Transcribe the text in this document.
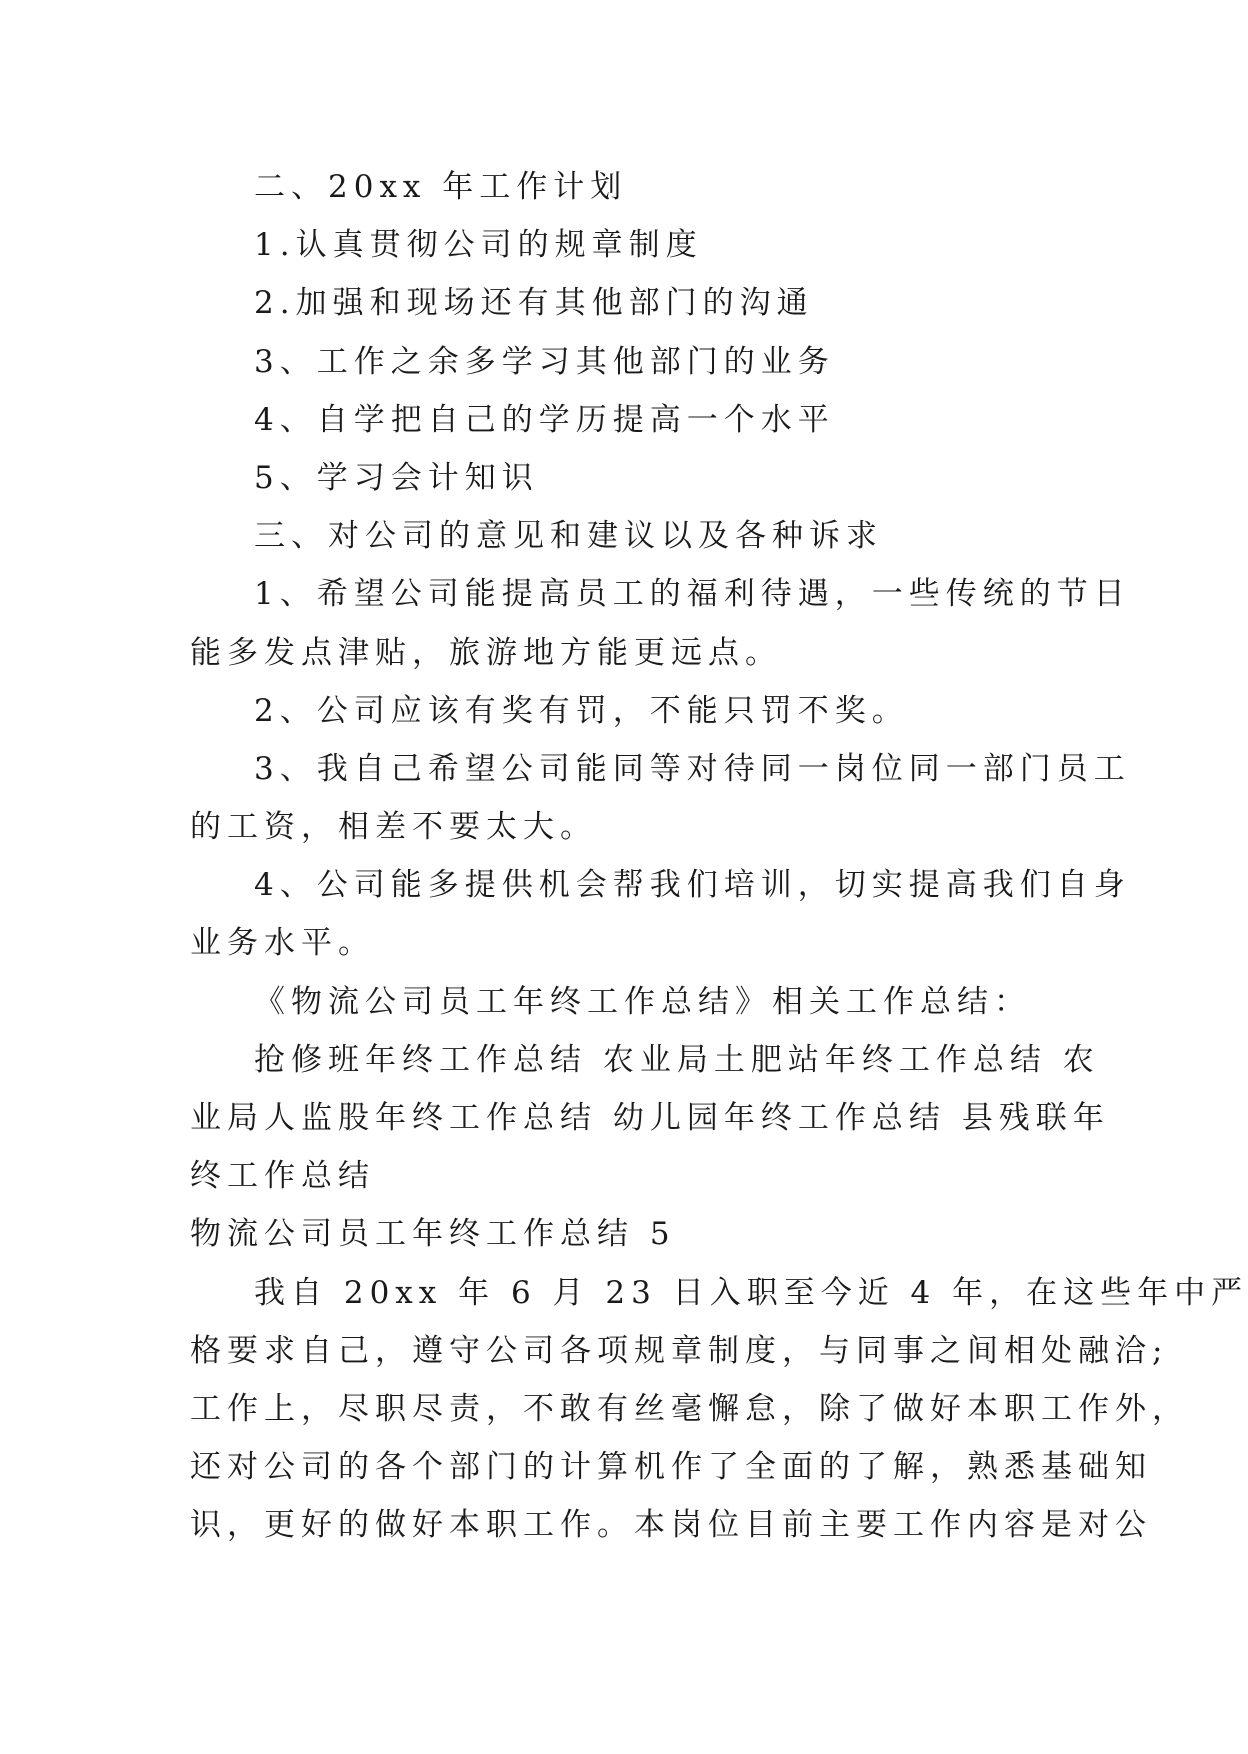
二、20xx 年工作计划
1.认真贯彻公司的规章制度
2.加强和现场还有其他部门的沟通
3、工作之余多学习其他部门的业务
4、自学把自己的学历提高一个水平
5、学习会计知识
三、对公司的意见和建议以及各种诉求
1、希望公司能提高员工的福利待遇，一些传统的节日
能多发点津贴，旅游地方能更远点。
2、公司应该有奖有罚，不能只罚不奖。
3、我自己希望公司能同等对待同一岗位同一部门员工
的工资，相差不要太大。
4、公司能多提供机会帮我们培训，切实提高我们自身
业务水平。
《物流公司员工年终工作总结》相关工作总结：
抢修班年终工作总结 农业局土肥站年终工作总结 农
业局人监股年终工作总结 幼儿园年终工作总结 县残联年
终工作总结
物流公司员工年终工作总结 5
我自 20xx 年 6 月 23 日入职至今近 4 年，在这些年中严
格要求自己，遵守公司各项规章制度，与同事之间相处融洽;
工作上，尽职尽责，不敢有丝毫懈怠，除了做好本职工作外，
还对公司的各个部门的计算机作了全面的了解，熟悉基础知
识，更好的做好本职工作。本岗位目前主要工作内容是对公
